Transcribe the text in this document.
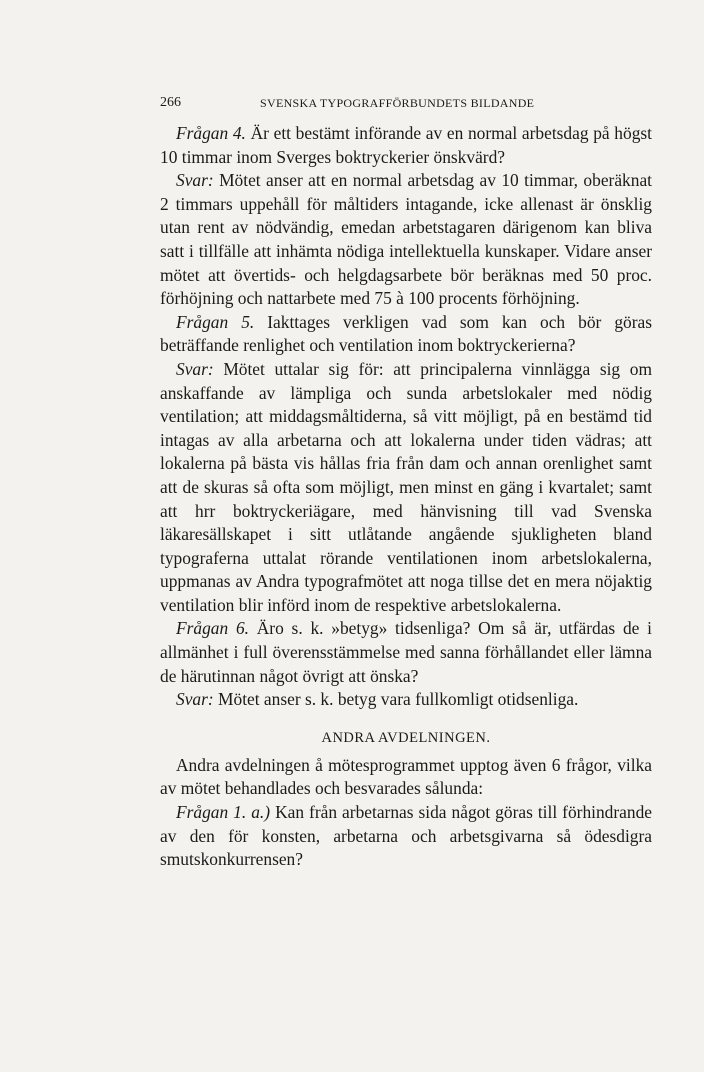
266	SVENSKA TYPOGRAFFÖRBUNDETS BILDANDE

Frågan 4. Är ett bestämt införande av en normal arbetsdag på högst 10 timmar inom Sverges boktryckerier önskvärd?

Svar: Mötet anser att en normal arbetsdag av 10 timmar, oberäknat 2 timmars uppehåll för måltiders intagande, icke allenast är önsklig utan rent av nödvändig, emedan arbetstagaren därigenom kan bliva satt i tillfälle att inhämta nödiga intellektuella kunskaper. Vidare anser mötet att övertids- och helgdagsarbete bör beräknas med 50 proc. förhöjning och nattarbete med 75 à 100 procents förhöjning.

Frågan 5. Iakttages verkligen vad som kan och bör göras beträffande renlighet och ventilation inom boktryckerierna?

Svar: Mötet uttalar sig för: att principalerna vinnlägga sig om anskaffande av lämpliga och sunda arbetslokaler med nödig ventilation; att middagsmåltiderna, så vitt möjligt, på en bestämd tid intagas av alla arbetarna och att lokalerna under tiden vädras; att lokalerna på bästa vis hållas fria från dam och annan orenlighet samt att de skuras så ofta som möjligt, men minst en gäng i kvartalet; samt att hrr boktryckeriägare, med hänvisning till vad Svenska läkaresällskapet i sitt utlåtande angående sjukligheten bland typograferna uttalat rörande ventilationen inom arbetslokalerna, uppmanas av Andra typografmötet att noga tillse det en mera nöjaktig ventilation blir införd inom de respektive arbetslokalerna.

Frågan 6. Äro s. k. »betyg» tidsenliga? Om så är, utfärdas de i allmänhet i full överensstämmelse med sanna förhållandet eller lämna de härutinnan något övrigt att önska?

Svar: Mötet anser s. k. betyg vara fullkomligt otidsenliga.

ANDRA AVDELNINGEN.

Andra avdelningen å mötesprogrammet upptog även 6 frågor, vilka av mötet behandlades och besvarades sålunda:

Frågan 1. a.) Kan från arbetarnas sida något göras till förhindrande av den för konsten, arbetarna och arbetsgivarna så ödesdigra smutskonkurrensen?
